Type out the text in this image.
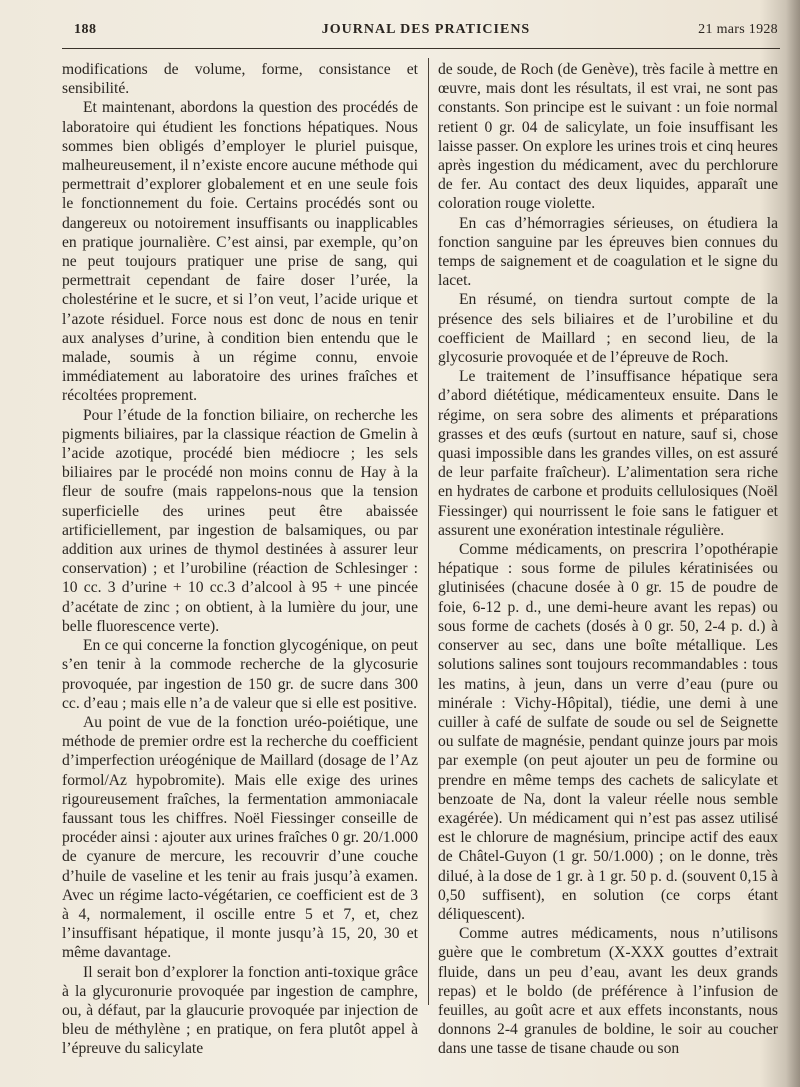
188	JOURNAL DES PRATICIENS	21 mars 1928

modifications de volume, forme, consistance et sensibilité.

Et maintenant, abordons la question des procédés de laboratoire qui étudient les fonctions hépatiques. Nous sommes bien obligés d’employer le pluriel puisque, malheureusement, il n’existe encore aucune méthode qui permettrait d’explorer globalement et en une seule fois le fonctionnement du foie. Certains procédés sont ou dangereux ou notoirement insuffisants ou inapplicables en pratique journalière. C’est ainsi, par exemple, qu’on ne peut toujours pratiquer une prise de sang, qui permettrait cependant de faire doser l’urée, la cholestérine et le sucre, et si l’on veut, l’acide urique et l’azote résiduel. Force nous est donc de nous en tenir aux analyses d’urine, à condition bien entendu que le malade, soumis à un régime connu, envoie immédiatement au laboratoire des urines fraîches et récoltées proprement.

Pour l’étude de la fonction biliaire, on recherche les pigments biliaires, par la classique réaction de Gmelin à l’acide azotique, procédé bien médiocre ; les sels biliaires par le procédé non moins connu de Hay à la fleur de soufre (mais rappelons-nous que la tension superficielle des urines peut être abaissée artificiellement, par ingestion de balsamiques, ou par addition aux urines de thymol destinées à assurer leur conservation) ; et l’urobiline (réaction de Schlesinger : 10 cc. 3 d’urine + 10 cc.3 d’alcool à 95 + une pincée d’acétate de zinc ; on obtient, à la lumière du jour, une belle fluorescence verte).

En ce qui concerne la fonction glycogénique, on peut s’en tenir à la commode recherche de la glycosurie provoquée, par ingestion de 150 gr. de sucre dans 300 cc. d’eau ; mais elle n’a de valeur que si elle est positive.

Au point de vue de la fonction uréo-poiétique, une méthode de premier ordre est la recherche du coefficient d’imperfection uréogénique de Maillard (dosage de l’Az formol/Az hypobromite). Mais elle exige des urines rigoureusement fraîches, la fermentation ammoniacale faussant tous les chiffres. Noël Fiessinger conseille de procéder ainsi : ajouter aux urines fraîches 0 gr. 20/1.000 de cyanure de mercure, les recouvrir d’une couche d’huile de vaseline et les tenir au frais jusqu’à examen. Avec un régime lacto-végétarien, ce coefficient est de 3 à 4, normalement, il oscille entre 5 et 7, et, chez l’insuffisant hépatique, il monte jusqu’à 15, 20, 30 et même davantage.

Il serait bon d’explorer la fonction anti-toxique grâce à la glycuronurie provoquée par ingestion de camphre, ou, à défaut, par la glaucurie provoquée par injection de bleu de méthylène ; en pratique, on fera plutôt appel à l’épreuve du salicylate

de soude, de Roch (de Genève), très facile à mettre en œuvre, mais dont les résultats, il est vrai, ne sont pas constants. Son principe est le suivant : un foie normal retient 0 gr. 04 de salicylate, un foie insuffisant les laisse passer. On explore les urines trois et cinq heures après ingestion du médicament, avec du perchlorure de fer. Au contact des deux liquides, apparaît une coloration rouge violette.

En cas d’hémorragies sérieuses, on étudiera la fonction sanguine par les épreuves bien connues du temps de saignement et de coagulation et le signe du lacet.

En résumé, on tiendra surtout compte de la présence des sels biliaires et de l’urobiline et du coefficient de Maillard ; en second lieu, de la glycosurie provoquée et de l’épreuve de Roch.

Le traitement de l’insuffisance hépatique sera d’abord diététique, médicamenteux ensuite. Dans le régime, on sera sobre des aliments et préparations grasses et des œufs (surtout en nature, sauf si, chose quasi impossible dans les grandes villes, on est assuré de leur parfaite fraîcheur). L’alimentation sera riche en hydrates de carbone et produits cellulosiques (Noël Fiessinger) qui nourrissent le foie sans le fatiguer et assurent une exonération intestinale régulière.

Comme médicaments, on prescrira l’opothérapie hépatique : sous forme de pilules kératinisées ou glutinisées (chacune dosée à 0 gr. 15 de poudre de foie, 6-12 p. d., une demi-heure avant les repas) ou sous forme de cachets (dosés à 0 gr. 50, 2-4 p. d.) à conserver au sec, dans une boîte métallique. Les solutions salines sont toujours recommandables : tous les matins, à jeun, dans un verre d’eau (pure ou minérale : Vichy-Hôpital), tiédie, une demi à une cuiller à café de sulfate de soude ou sel de Seignette ou sulfate de magnésie, pendant quinze jours par mois par exemple (on peut ajouter un peu de formine ou prendre en même temps des cachets de salicylate et benzoate de Na, dont la valeur réelle nous semble exagérée). Un médicament qui n’est pas assez utilisé est le chlorure de magnésium, principe actif des eaux de Châtel-Guyon (1 gr. 50/1.000) ; on le donne, très dilué, à la dose de 1 gr. à 1 gr. 50 p. d. (souvent 0,15 à 0,50 suffisent), en solution (ce corps étant déliquescent).

Comme autres médicaments, nous n’utilisons guère que le combretum (X-XXX gouttes d’extrait fluide, dans un peu d’eau, avant les deux grands repas) et le boldo (de préférence à l’infusion de feuilles, au goût acre et aux effets inconstants, nous donnons 2-4 granules de boldine, le soir au coucher dans une tasse de tisane chaude ou son
